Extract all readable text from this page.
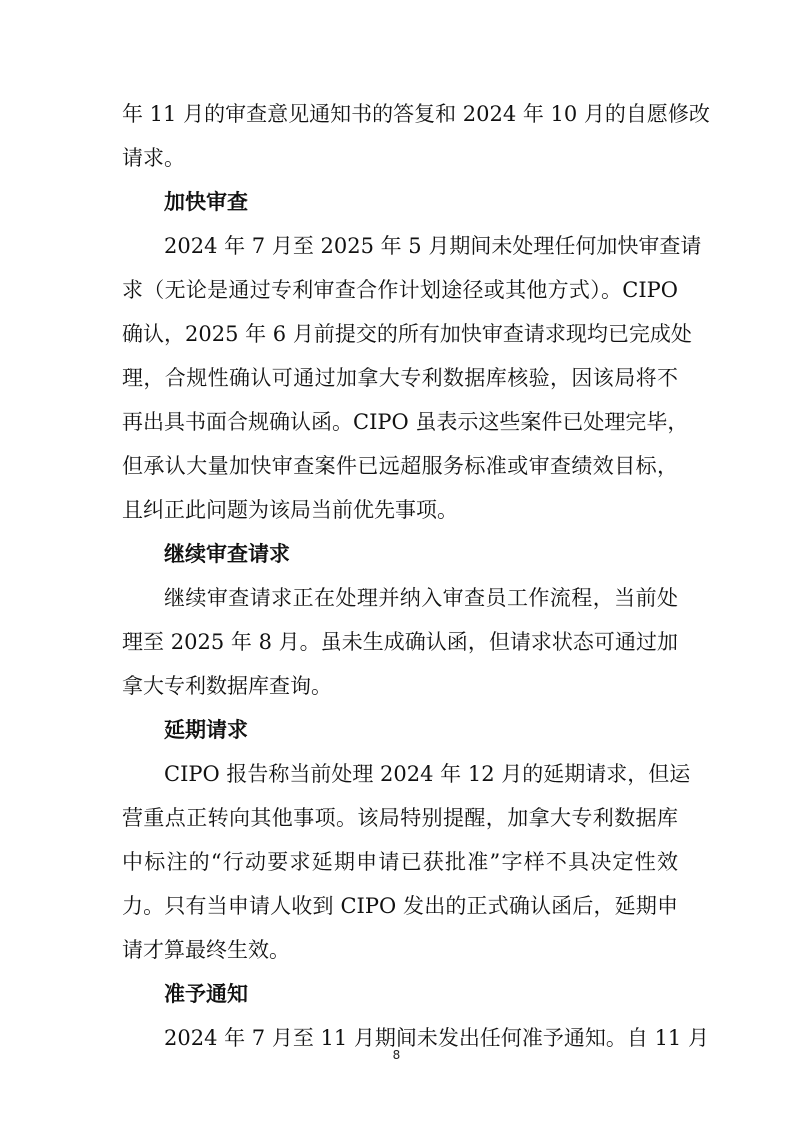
年 11 月的审查意见通知书的答复和 2024 年 10 月的自愿修改
请求。
加快审查
2024 年 7 月至 2025 年 5 月期间未处理任何加快审查请
求（无论是通过专利审查合作计划途径或其他方式）。CIPO
确认，2025 年 6 月前提交的所有加快审查请求现均已完成处
理，合规性确认可通过加拿大专利数据库核验，因该局将不
再出具书面合规确认函。CIPO 虽表示这些案件已处理完毕，
但承认大量加快审查案件已远超服务标准或审查绩效目标，
且纠正此问题为该局当前优先事项。
继续审查请求
继续审查请求正在处理并纳入审查员工作流程，当前处
理至 2025 年 8 月。虽未生成确认函，但请求状态可通过加
拿大专利数据库查询。
延期请求
CIPO 报告称当前处理 2024 年 12 月的延期请求，但运
营重点正转向其他事项。该局特别提醒，加拿大专利数据库
中标注的“行动要求延期申请已获批准”字样不具决定性效
力。只有当申请人收到 CIPO 发出的正式确认函后，延期申
请才算最终生效。
准予通知
2024 年 7 月至 11 月期间未发出任何准予通知。自 11 月
8
